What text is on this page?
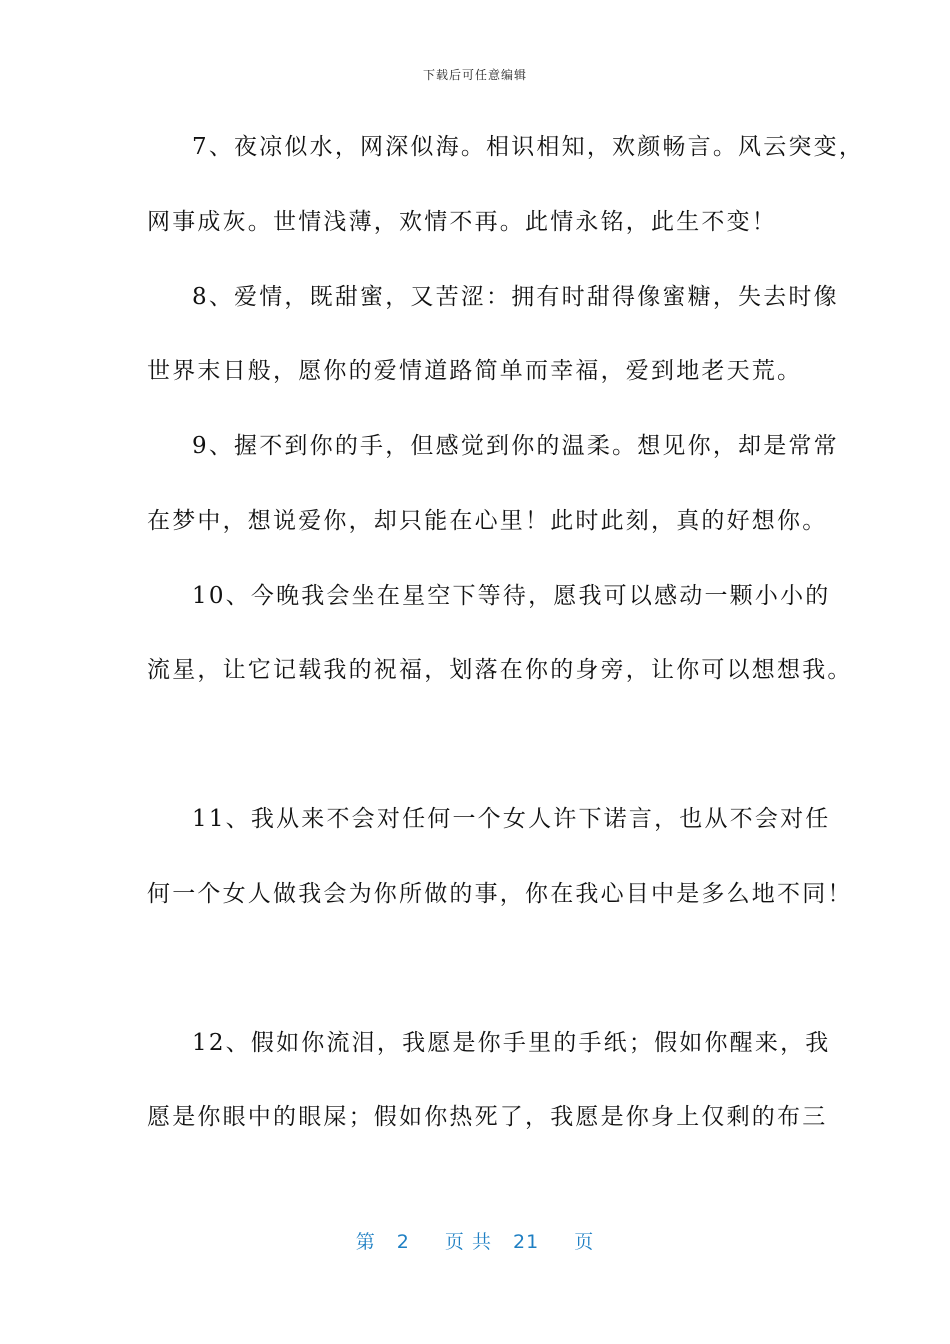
下载后可任意编辑
7、夜凉似水，网深似海。相识相知，欢颜畅言。风云突变，
网事成灰。世情浅薄，欢情不再。此情永铭，此生不变！
8、爱情，既甜蜜，又苦涩：拥有时甜得像蜜糖，失去时像
世界末日般，愿你的爱情道路简单而幸福，爱到地老天荒。
9、握不到你的手，但感觉到你的温柔。想见你，却是常常
在梦中，想说爱你，却只能在心里！此时此刻，真的好想你。
10、今晚我会坐在星空下等待，愿我可以感动一颗小小的
流星，让它记载我的祝福，划落在你的身旁，让你可以想想我。
11、我从来不会对任何一个女人许下诺言，也从不会对任
何一个女人做我会为你所做的事，你在我心目中是多么地不同！
12、假如你流泪，我愿是你手里的手纸；假如你醒来，我
愿是你眼中的眼屎；假如你热死了，我愿是你身上仅剩的布三
第 2 页 共 21 页
